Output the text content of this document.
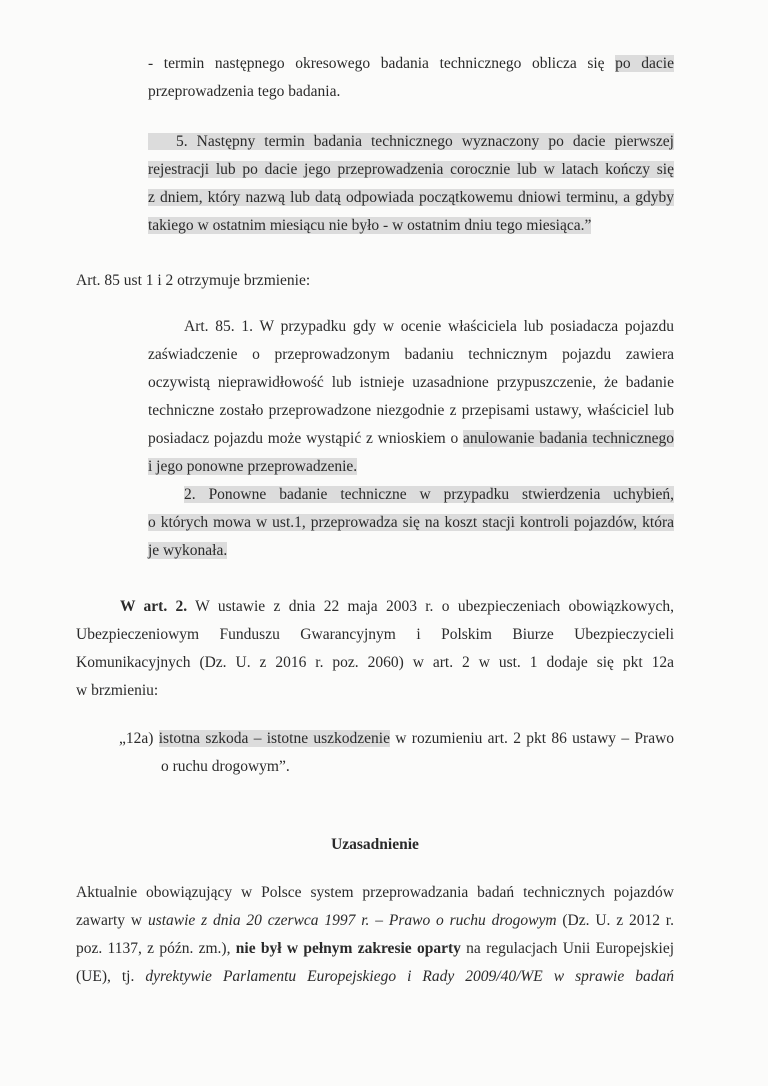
- termin następnego okresowego badania technicznego oblicza się po dacie
przeprowadzenia tego badania.

5. Następny termin badania technicznego wyznaczony po dacie pierwszej
rejestracji lub po dacie jego przeprowadzenia corocznie lub w latach kończy się
z dniem, który nazwą lub datą odpowiada początkowemu dniowi terminu, a gdyby
takiego w ostatnim miesiącu nie było - w ostatnim dniu tego miesiąca.”

Art. 85 ust 1 i 2 otrzymuje brzmienie:

Art. 85. 1. W przypadku gdy w ocenie właściciela lub posiadacza pojazdu
zaświadczenie o przeprowadzonym badaniu technicznym pojazdu zawiera
oczywistą nieprawidłowość lub istnieje uzasadnione przypuszczenie, że badanie
techniczne zostało przeprowadzone niezgodnie z przepisami ustawy, właściciel lub
posiadacz pojazdu może wystąpić z wnioskiem o anulowanie badania technicznego
i jego ponowne przeprowadzenie.
2. Ponowne badanie techniczne w przypadku stwierdzenia uchybień,
o których mowa w ust.1, przeprowadza się na koszt stacji kontroli pojazdów, która
je wykonała.

W art. 2. W ustawie z dnia 22 maja 2003 r. o ubezpieczeniach obowiązkowych,
Ubezpieczeniowym Funduszu Gwarancyjnym i Polskim Biurze Ubezpieczycieli
Komunikacyjnych (Dz. U. z 2016 r. poz. 2060) w art. 2 w ust. 1 dodaje się pkt 12a
w brzmieniu:

„12a) istotna szkoda – istotne uszkodzenie w rozumieniu art. 2 pkt 86 ustawy – Prawo
o ruchu drogowym”.

Uzasadnienie

Aktualnie obowiązujący w Polsce system przeprowadzania badań technicznych pojazdów
zawarty w ustawie z dnia 20 czerwca 1997 r. – Prawo o ruchu drogowym (Dz. U. z 2012 r.
poz. 1137, z późn. zm.), nie był w pełnym zakresie oparty na regulacjach Unii Europejskiej
(UE), tj. dyrektywie Parlamentu Europejskiego i Rady 2009/40/WE w sprawie badań
